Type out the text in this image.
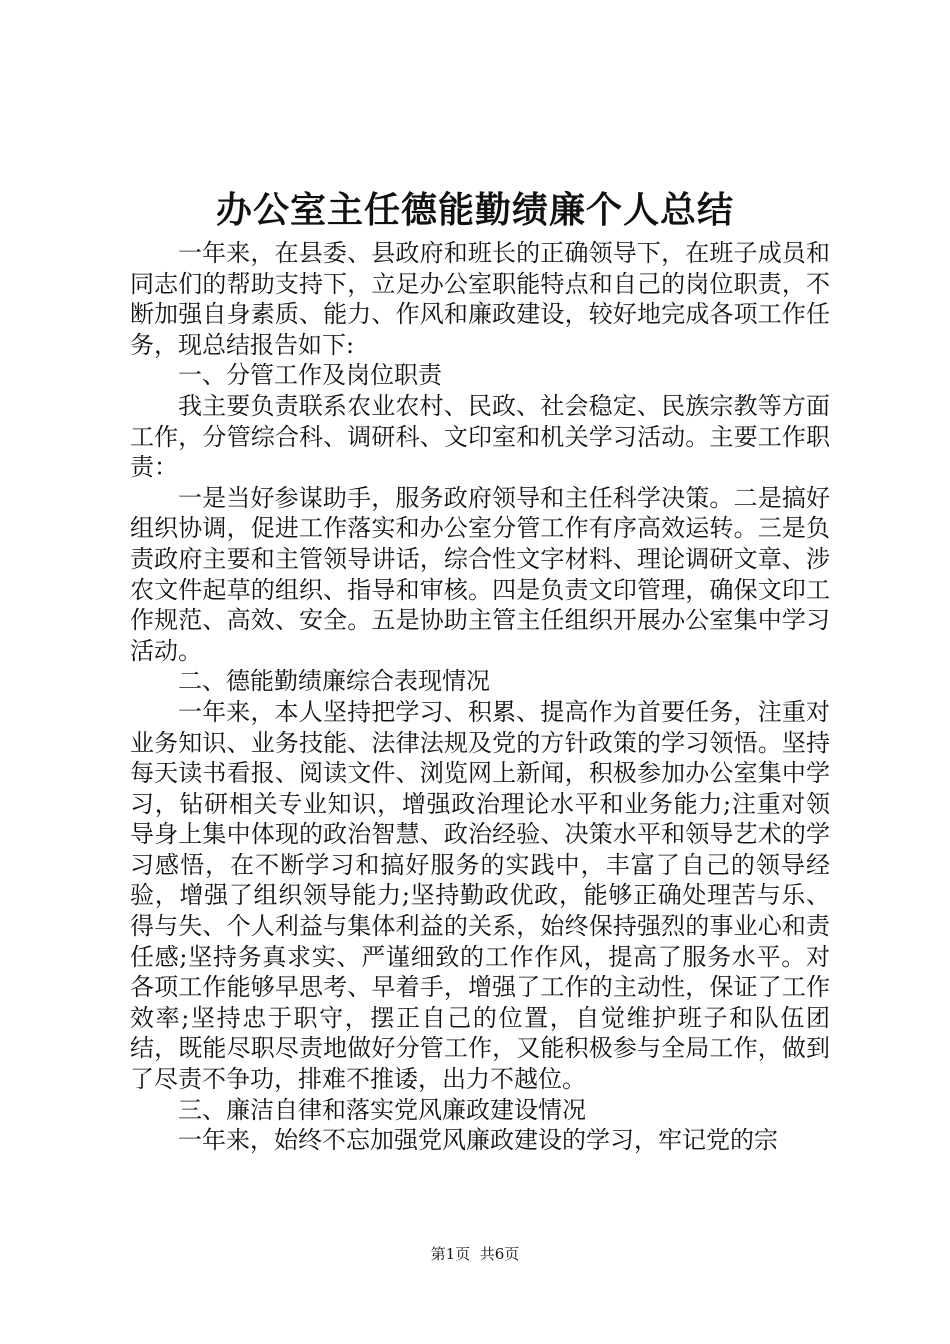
办公室主任德能勤绩廉个人总结

一年来，在县委、县政府和班长的正确领导下，在班子成员和同志们的帮助支持下，立足办公室职能特点和自己的岗位职责，不断加强自身素质、能力、作风和廉政建设，较好地完成各项工作任务，现总结报告如下:

一、分管工作及岗位职责

我主要负责联系农业农村、民政、社会稳定、民族宗教等方面工作，分管综合科、调研科、文印室和机关学习活动。主要工作职责：

一是当好参谋助手，服务政府领导和主任科学决策。二是搞好组织协调，促进工作落实和办公室分管工作有序高效运转。三是负责政府主要和主管领导讲话，综合性文字材料、理论调研文章、涉农文件起草的组织、指导和审核。四是负责文印管理，确保文印工作规范、高效、安全。五是协助主管主任组织开展办公室集中学习活动。

二、德能勤绩廉综合表现情况

一年来，本人坚持把学习、积累、提高作为首要任务，注重对业务知识、业务技能、法律法规及党的方针政策的学习领悟。坚持每天读书看报、阅读文件、浏览网上新闻，积极参加办公室集中学习，钻研相关专业知识，增强政治理论水平和业务能力;注重对领导身上集中体现的政治智慧、政治经验、决策水平和领导艺术的学习感悟，在不断学习和搞好服务的实践中，丰富了自己的领导经验，增强了组织领导能力;坚持勤政优政，能够正确处理苦与乐、得与失、个人利益与集体利益的关系，始终保持强烈的事业心和责任感;坚持务真求实、严谨细致的工作作风，提高了服务水平。对各项工作能够早思考、早着手，增强了工作的主动性，保证了工作效率;坚持忠于职守，摆正自己的位置，自觉维护班子和队伍团结，既能尽职尽责地做好分管工作，又能积极参与全局工作，做到了尽责不争功，排难不推诿，出力不越位。

三、廉洁自律和落实党风廉政建设情况

一年来，始终不忘加强党风廉政建设的学习，牢记党的宗

第1页 共6页
